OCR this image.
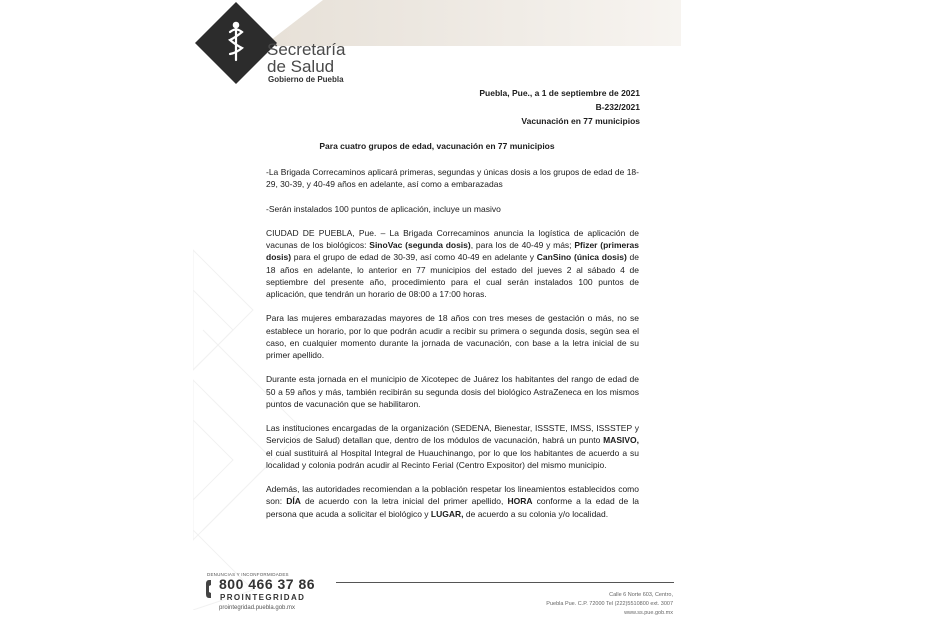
Secretaría
de Salud
Gobierno de Puebla
Puebla, Pue., a 1 de septiembre de 2021
B-232/2021
Vacunación en 77 municipios
Para cuatro grupos de edad, vacunación en 77 municipios

-La Brigada Correcaminos aplicará primeras, segundas y únicas dosis a los grupos de edad de 18-29, 30-39, y 40-49 años en adelante, así como a embarazadas

-Serán instalados 100 puntos de aplicación, incluye un masivo

CIUDAD DE PUEBLA, Pue. – La Brigada Correcaminos anuncia la logística de aplicación de vacunas de los biológicos: SinoVac (segunda dosis), para los de 40-49 y más; Pfizer (primeras dosis) para el grupo de edad de 30-39, así como 40-49 en adelante y CanSino (única dosis) de 18 años en adelante, lo anterior en 77 municipios del estado del jueves 2 al sábado 4 de septiembre del presente año, procedimiento para el cual serán instalados 100 puntos de aplicación, que tendrán un horario de 08:00 a 17:00 horas.

Para las mujeres embarazadas mayores de 18 años con tres meses de gestación o más, no se establece un horario, por lo que podrán acudir a recibir su primera o segunda dosis, según sea el caso, en cualquier momento durante la jornada de vacunación, con base a la letra inicial de su primer apellido.

Durante esta jornada en el municipio de Xicotepec de Juárez los habitantes del rango de edad de 50 a 59 años y más, también recibirán su segunda dosis del biológico AstraZeneca en los mismos puntos de vacunación que se habilitaron.

Las instituciones encargadas de la organización (SEDENA, Bienestar, ISSSTE, IMSS, ISSSTEP y Servicios de Salud) detallan que, dentro de los módulos de vacunación, habrá un punto MASIVO, el cual sustituirá al Hospital Integral de Huauchinango, por lo que los habitantes de acuerdo a su localidad y colonia podrán acudir al Recinto Ferial (Centro Expositor) del mismo municipio.

Además, las autoridades recomiendan a la población respetar los lineamientos establecidos como son: DÍA de acuerdo con la letra inicial del primer apellido, HORA conforme a la edad de la persona que acuda a solicitar el biológico y LUGAR, de acuerdo a su colonia y/o localidad.

DENUNCIAS Y INCONFORMIDADES
800 466 37 86
PROINTEGRIDAD
prointegridad.puebla.gob.mx
Calle 6 Norte 603, Centro,
Puebla Pue. C.P. 72000 Tel (222)5510800 ext. 3007
www.ss.pue.gob.mx
